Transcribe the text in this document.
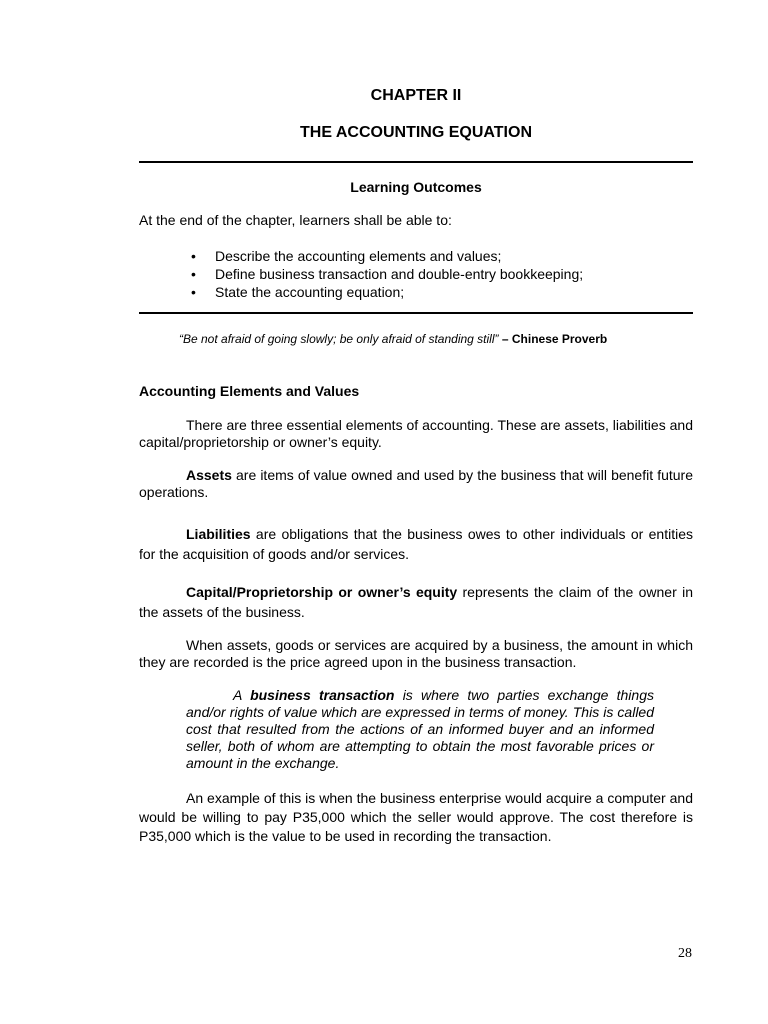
CHAPTER II
THE ACCOUNTING EQUATION
Learning Outcomes
At the end of the chapter, learners shall be able to:
• Describe the accounting elements and values;
• Define business transaction and double-entry bookkeeping;
• State the accounting equation;
“Be not afraid of going slowly; be only afraid of standing still” – Chinese Proverb
Accounting Elements and Values

There are three essential elements of accounting. These are assets, liabilities and capital/proprietorship or owner’s equity.

Assets are items of value owned and used by the business that will benefit future operations.

Liabilities are obligations that the business owes to other individuals or entities for the acquisition of goods and/or services.

Capital/Proprietorship or owner’s equity represents the claim of the owner in the assets of the business.

When assets, goods or services are acquired by a business, the amount in which they are recorded is the price agreed upon in the business transaction.

A business transaction is where two parties exchange things and/or rights of value which are expressed in terms of money. This is called cost that resulted from the actions of an informed buyer and an informed seller, both of whom are attempting to obtain the most favorable prices or amount in the exchange.

An example of this is when the business enterprise would acquire a computer and would be willing to pay P35,000 which the seller would approve. The cost therefore is P35,000 which is the value to be used in recording the transaction.

28
